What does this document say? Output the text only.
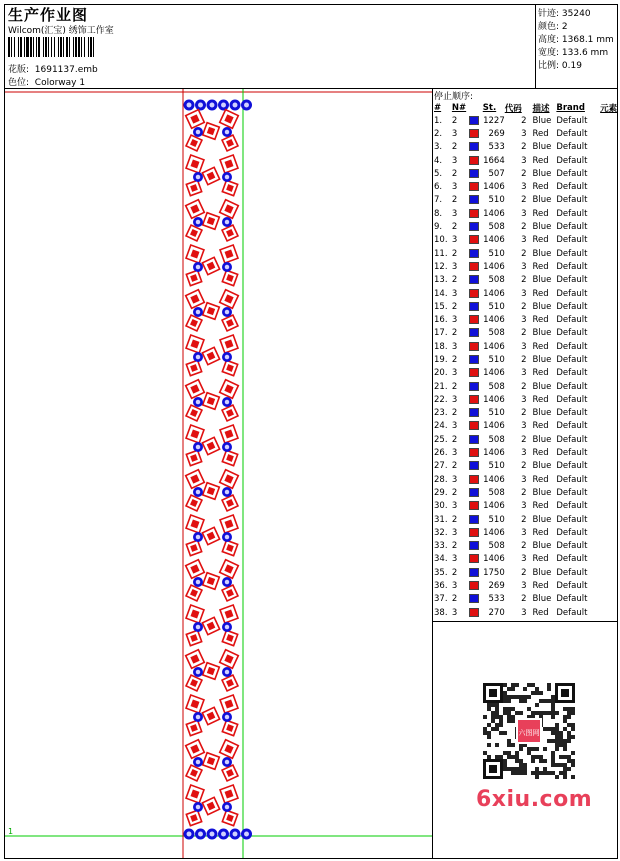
生产作业图
Wilcom(汇宝) 绣饰工作室
花版: 1691137.emb
色位: Colorway 1
针迹: 35240
颜色: 2
高度: 1368.1 mm
宽度: 133.6 mm
比例: 0.19
1
停止顺序:
#	N#		St.	代码	描述	Brand	元素
1.	2		1227	2	Blue	Default	
2.	3		269	3	Red	Default	
3.	2		533	2	Blue	Default	
4.	3		1664	3	Red	Default	
5.	2		507	2	Blue	Default	
6.	3		1406	3	Red	Default	
7.	2		510	2	Blue	Default	
8.	3		1406	3	Red	Default	
9.	2		508	2	Blue	Default	
10.	3		1406	3	Red	Default	
11.	2		510	2	Blue	Default	
12.	3		1406	3	Red	Default	
13.	2		508	2	Blue	Default	
14.	3		1406	3	Red	Default	
15.	2		510	2	Blue	Default	
16.	3		1406	3	Red	Default	
17.	2		508	2	Blue	Default	
18.	3		1406	3	Red	Default	
19.	2		510	2	Blue	Default	
20.	3		1406	3	Red	Default	
21.	2		508	2	Blue	Default	
22.	3		1406	3	Red	Default	
23.	2		510	2	Blue	Default	
24.	3		1406	3	Red	Default	
25.	2		508	2	Blue	Default	
26.	3		1406	3	Red	Default	
27.	2		510	2	Blue	Default	
28.	3		1406	3	Red	Default	
29.	2		508	2	Blue	Default	
30.	3		1406	3	Red	Default	
31.	2		510	2	Blue	Default	
32.	3		1406	3	Red	Default	
33.	2		508	2	Blue	Default	
34.	3		1406	3	Red	Default	
35.	2		1750	2	Blue	Default	
36.	3		269	3	Red	Default	
37.	2		533	2	Blue	Default	
38.	3		270	3	Red	Default	
六图网
6xiu.com
